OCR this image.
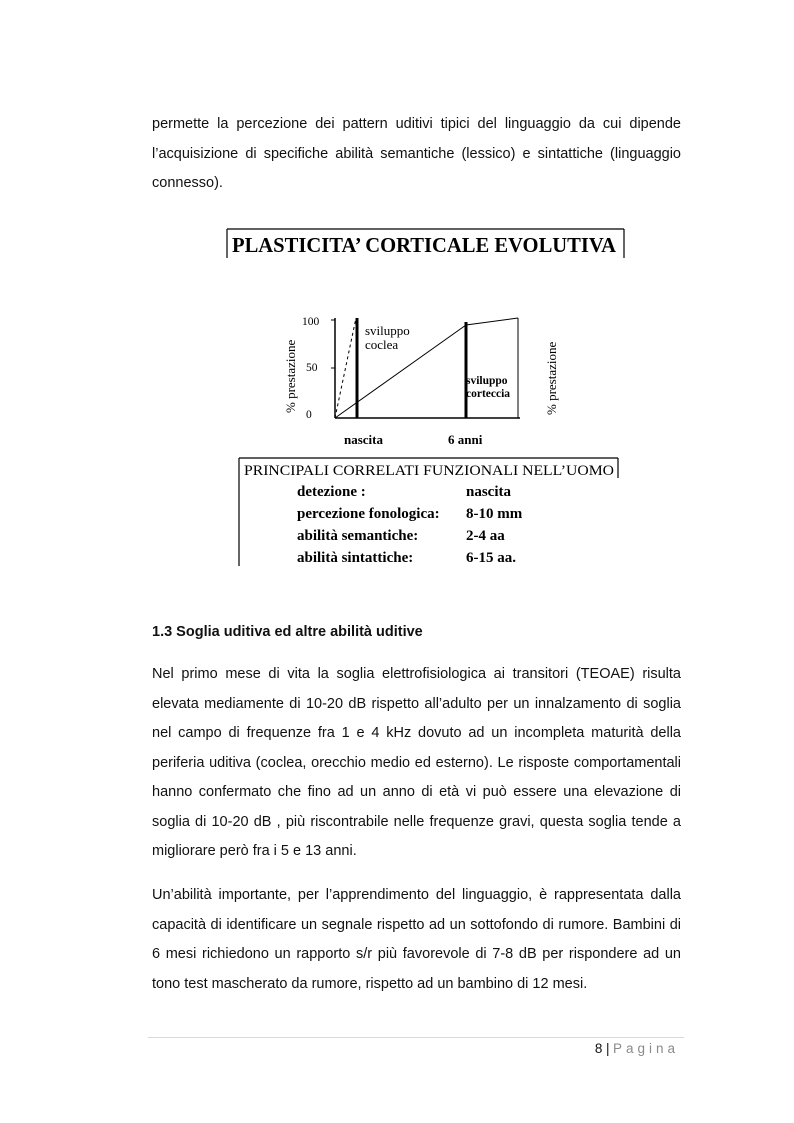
permette la percezione dei pattern uditivi tipici del linguaggio da cui dipende l’acquisizione di specifiche abilità semantiche (lessico) e sintattiche (linguaggio connesso).

PLASTICITA’ CORTICALE EVOLUTIVA
100
50
0
% prestazione	% prestazione
sviluppo
coclea
sviluppo
corteccia
nascita	6 anni
PRINCIPALI CORRELATI FUNZIONALI NELL’UOMO
detezione :	nascita
percezione fonologica: 8-10 mm
abilità semantiche:	2-4 aa
abilità sintattiche:	6-15 aa.
1.3 Soglia uditiva ed altre abilità uditive

Nel primo mese di vita la soglia elettrofisiologica ai transitori (TEOAE) risulta elevata mediamente di 10-20 dB rispetto all’adulto per un innalzamento di soglia nel campo di frequenze fra 1 e 4 kHz dovuto ad un incompleta maturità della periferia uditiva (coclea, orecchio medio ed esterno). Le risposte comportamentali hanno confermato che fino ad un anno di età vi può essere una elevazione di soglia di 10-20 dB , più riscontrabile nelle frequenze gravi, questa soglia tende a migliorare però fra i 5 e 13 anni.

Un’abilità importante, per l’apprendimento del linguaggio, è rappresentata dalla capacità di identificare un segnale rispetto ad un sottofondo di rumore. Bambini di 6 mesi richiedono un rapporto s/r più favorevole di 7-8 dB per rispondere ad un tono test mascherato da rumore, rispetto ad un bambino di 12 mesi.

8 | Pagina
